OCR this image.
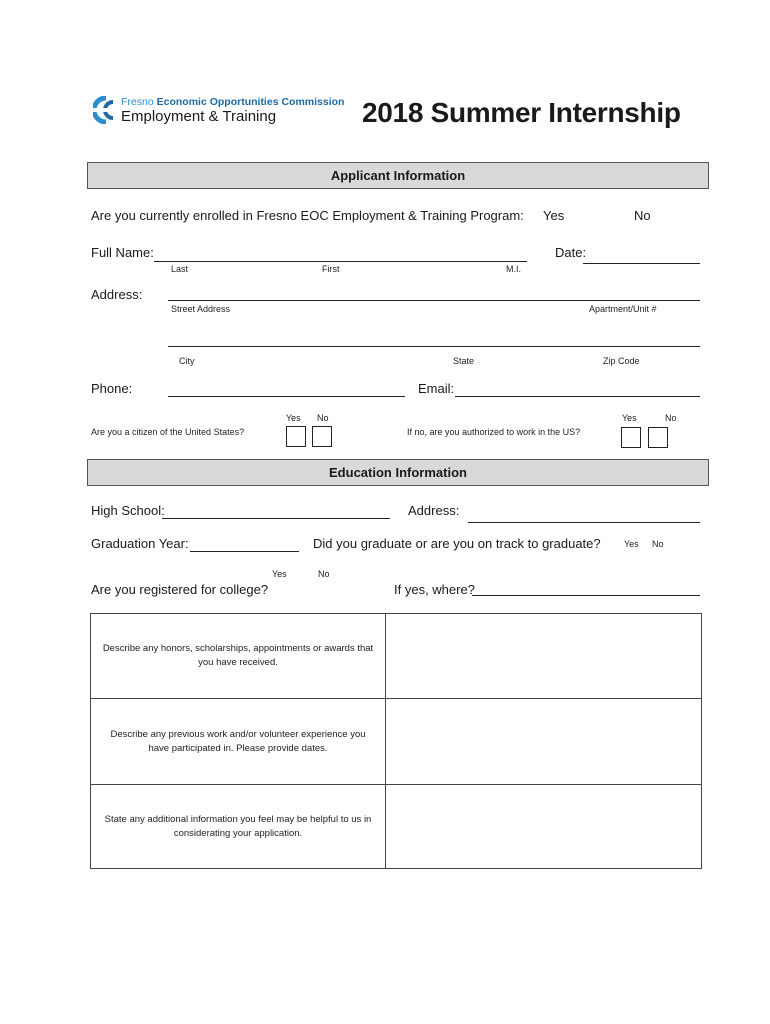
Fresno Economic Opportunities Commission
Employment & Training	2018 Summer Internship
Applicant Information
Are you currently enrolled in Fresno EOC Employment & Training Program: Yes	No
Full Name:
Last	First	M.I.
Date:
Address:
Street Address	Apartment/Unit #
City	State	Zip Code
Phone:	Email:
Yes No
Are you a citizen of the United States?
Yes	No
If no, are you authorized to work in the US?
Education Information
High School:	Address:
Graduation Year:	Did you graduate or are you on track to graduate?	Yes No
Yes	No
Are you registered for college?	If yes, where?
Describe any honors, scholarships, appointments or awards that you have received.
Describe any previous work and/or volunteer experience you have participated in. Please provide dates.
State any additional information you feel may be helpful to us in considerating your application.
